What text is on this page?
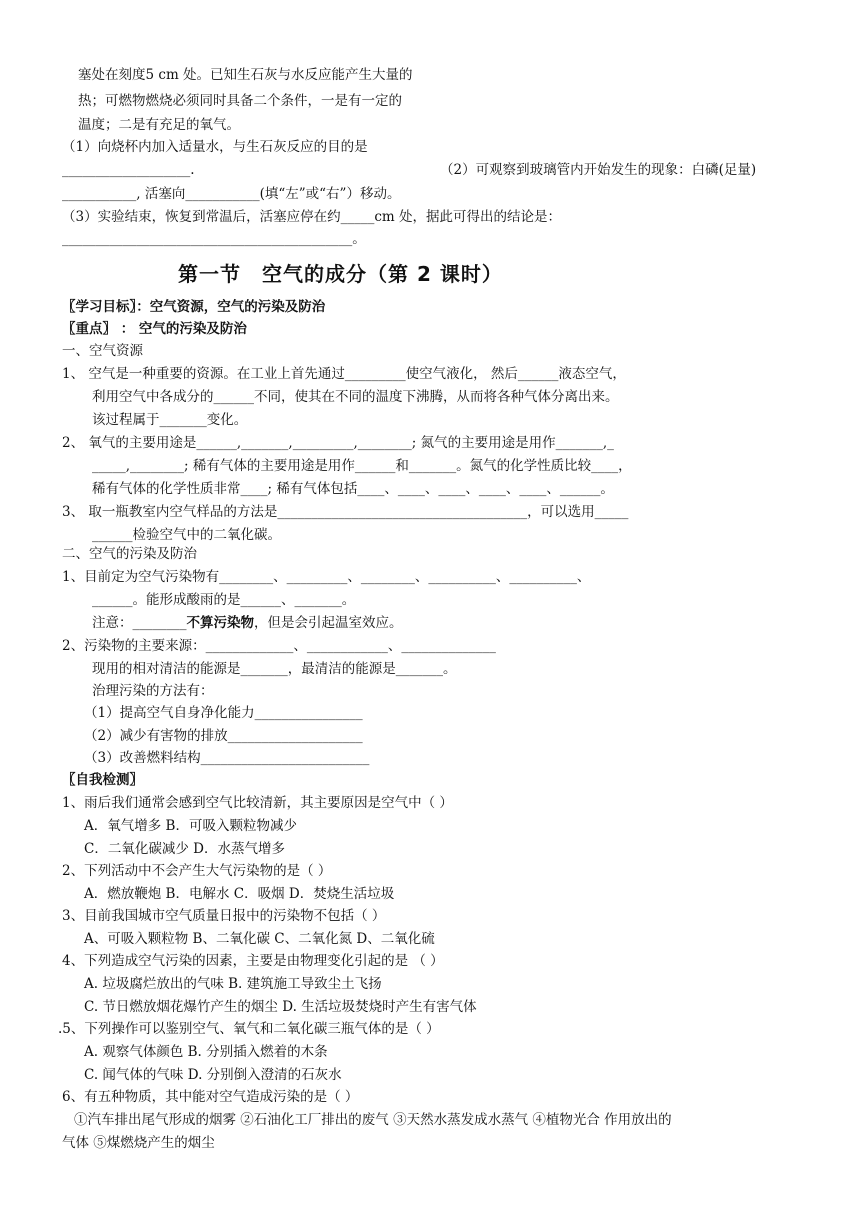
塞处在刻度5 cm 处。已知生石灰与水反应能产生大量的
热；可燃物燃烧必须同时具备二个条件，一是有一定的
温度；二是有充足的氧气。
（1）向烧杯内加入适量水，与生石灰反应的目的是
___________________.	（2）可观察到玻璃管内开始发生的现象：白磷(足量)
___________, 活塞向___________(填“左”或“右”）移动。
（3）实验结束，恢复到常温后，活塞应停在约_____cm 处，据此可得出的结论是：
___________________________________________。
第一节　空气的成分（第 2 课时）
〖学习目标〗：空气资源，空气的污染及防治
〖重点〗 ： 空气的污染及防治
一、空气资源
1、 空气是一种重要的资源。在工业上首先通过_________使空气液化， 然后______液态空气，
利用空气中各成分的______不同，使其在不同的温度下沸腾，从而将各种气体分离出来。
该过程属于_______变化。
2、 氧气的主要用途是______,_______,_________,________; 氮气的主要用途是用作_______,_
_____,________; 稀有气体的主要用途是用作______和_______。氮气的化学性质比较____，
稀有气体的化学性质非常____; 稀有气体包括____、____、____、____、____、______。
3、 取一瓶教室内空气样品的方法是_____________________________________，可以选用_____
______检验空气中的二氧化碳。
二、空气的污染及防治
1、目前定为空气污染物有________、_________、________、__________、__________、
______。能形成酸雨的是______、_______。
注意：________不算污染物，但是会引起温室效应。
2、污染物的主要来源：_____________、____________、______________
现用的相对清洁的能源是_______，最清洁的能源是_______。
治理污染的方法有：
（1）提高空气自身净化能力________________
（2）减少有害物的排放____________________
（3）改善燃料结构_________________________
〖自我检测〗
1、雨后我们通常会感到空气比较清新，其主要原因是空气中（ ）
A．氧气增多 B．可吸入颗粒物减少
C．二氧化碳减少 D．水蒸气增多
2、下列活动中不会产生大气污染物的是（ ）
A．燃放鞭炮 B．电解水 C．吸烟 D．焚烧生活垃圾
3、目前我国城市空气质量日报中的污染物不包括（ ）
A、可吸入颗粒物 B、二氧化碳 C、二氧化氮 D、二氧化硫
4、下列造成空气污染的因素，主要是由物理变化引起的是 （ ）
A. 垃圾腐烂放出的气味 B. 建筑施工导致尘土飞扬
C. 节日燃放烟花爆竹产生的烟尘 D. 生活垃圾焚烧时产生有害气体
.5、下列操作可以鉴别空气、氧气和二氧化碳三瓶气体的是（ ）
A. 观察气体颜色 B. 分别插入燃着的木条
C. 闻气体的气味 D. 分别倒入澄清的石灰水
6、有五种物质，其中能对空气造成污染的是（ ）
①汽车排出尾气形成的烟雾 ②石油化工厂排出的废气 ③天然水蒸发成水蒸气 ④植物光合 作用放出的
气体 ⑤煤燃烧产生的烟尘
